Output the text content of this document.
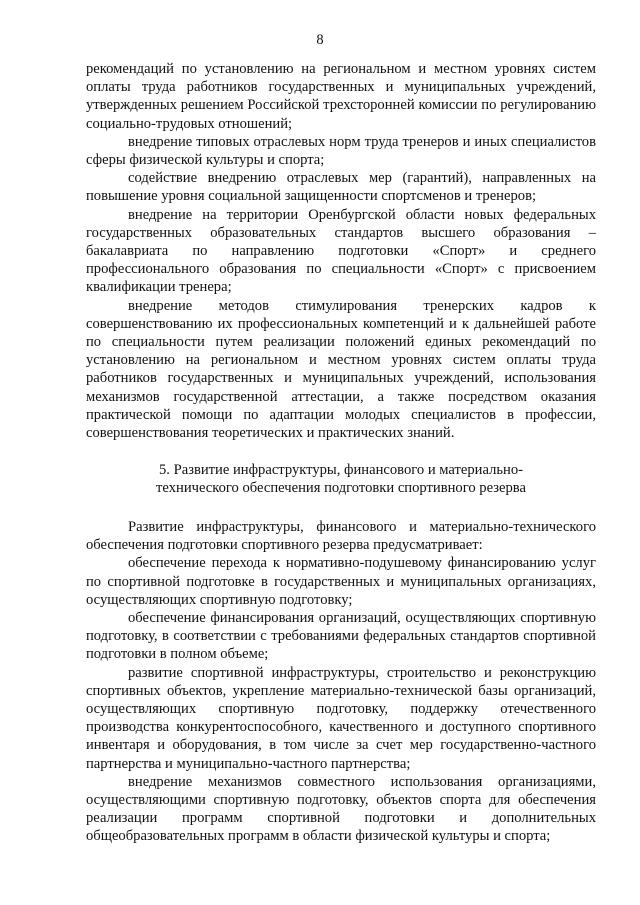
8

рекомендаций по установлению на региональном и местном уровнях систем оплаты труда работников государственных и муниципальных учреждений, утвержденных решением Российской трехсторонней комиссии по регулированию социально-трудовых отношений;

внедрение типовых отраслевых норм труда тренеров и иных специалистов сферы физической культуры и спорта;

содействие внедрению отраслевых мер (гарантий), направленных на повышение уровня социальной защищенности спортсменов и тренеров;

внедрение на территории Оренбургской области новых федеральных государственных образовательных стандартов высшего образования – бакалавриата по направлению подготовки «Спорт» и среднего профессионального образования по специальности «Спорт» с присвоением квалификации тренера;

внедрение методов стимулирования тренерских кадров к совершенствованию их профессиональных компетенций и к дальнейшей работе по специальности путем реализации положений единых рекомендаций по установлению на региональном и местном уровнях систем оплаты труда работников государственных и муниципальных учреждений, использования механизмов государственной аттестации, а также посредством оказания практической помощи по адаптации молодых специалистов в профессии, совершенствования теоретических и практических знаний.

5. Развитие инфраструктуры, финансового и материально-
технического обеспечения подготовки спортивного резерва

Развитие инфраструктуры, финансового и материально-технического обеспечения подготовки спортивного резерва предусматривает:

обеспечение перехода к нормативно-подушевому финансированию услуг по спортивной подготовке в государственных и муниципальных организациях, осуществляющих спортивную подготовку;

обеспечение финансирования организаций, осуществляющих спортивную подготовку, в соответствии с требованиями федеральных стандартов спортивной подготовки в полном объеме;

развитие спортивной инфраструктуры, строительство и реконструкцию спортивных объектов, укрепление материально-технической базы организаций, осуществляющих спортивную подготовку, поддержку отечественного производства конкурентоспособного, качественного и доступного спортивного инвентаря и оборудования, в том числе за счет мер государственно-частного партнерства и муниципально-частного партнерства;

внедрение механизмов совместного использования организациями, осуществляющими спортивную подготовку, объектов спорта для обеспечения реализации программ спортивной подготовки и дополнительных общеобразовательных программ в области физической культуры и спорта;
